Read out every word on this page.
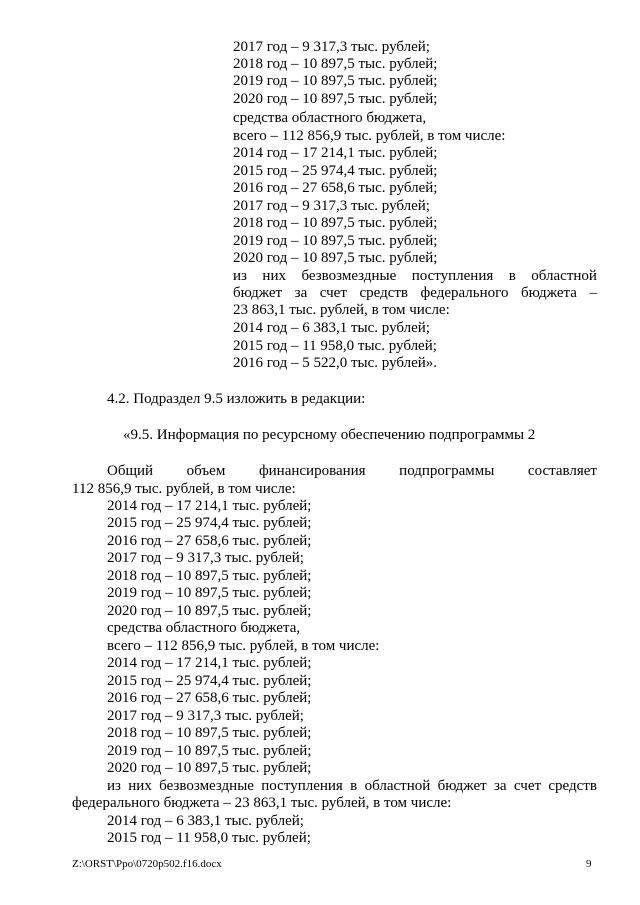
2017 год – 9 317,3 тыс. рублей;
2018 год – 10 897,5 тыс. рублей;
2019 год – 10 897,5 тыс. рублей;
2020 год – 10 897,5 тыс. рублей;
средства областного бюджета,
всего – 112 856,9 тыс. рублей, в том числе:
2014 год – 17 214,1 тыс. рублей;
2015 год – 25 974,4 тыс. рублей;
2016 год – 27 658,6 тыс. рублей;
2017 год – 9 317,3 тыс. рублей;
2018 год – 10 897,5 тыс. рублей;
2019 год – 10 897,5 тыс. рублей;
2020 год – 10 897,5 тыс. рублей;
из них безвозмездные поступления в областной
бюджет за счет средств федерального бюджета –
23 863,1 тыс. рублей, в том числе:
2014 год – 6 383,1 тыс. рублей;
2015 год – 11 958,0 тыс. рублей;
2016 год – 5 522,0 тыс. рублей».
4.2. Подраздел 9.5 изложить в редакции:
«9.5. Информация по ресурсному обеспечению подпрограммы 2
Общий объем финансирования подпрограммы составляет
112 856,9 тыс. рублей, в том числе:
2014 год – 17 214,1 тыс. рублей;
2015 год – 25 974,4 тыс. рублей;
2016 год – 27 658,6 тыс. рублей;
2017 год – 9 317,3 тыс. рублей;
2018 год – 10 897,5 тыс. рублей;
2019 год – 10 897,5 тыс. рублей;
2020 год – 10 897,5 тыс. рублей;
средства областного бюджета,
всего – 112 856,9 тыс. рублей, в том числе:
2014 год – 17 214,1 тыс. рублей;
2015 год – 25 974,4 тыс. рублей;
2016 год – 27 658,6 тыс. рублей;
2017 год – 9 317,3 тыс. рублей;
2018 год – 10 897,5 тыс. рублей;
2019 год – 10 897,5 тыс. рублей;
2020 год – 10 897,5 тыс. рублей;
из них безвозмездные поступления в областной бюджет за счет средств
федерального бюджета – 23 863,1 тыс. рублей, в том числе:
2014 год – 6 383,1 тыс. рублей;
2015 год – 11 958,0 тыс. рублей;
Z:\ORST\Ppo\0720p502.f16.docx	9
